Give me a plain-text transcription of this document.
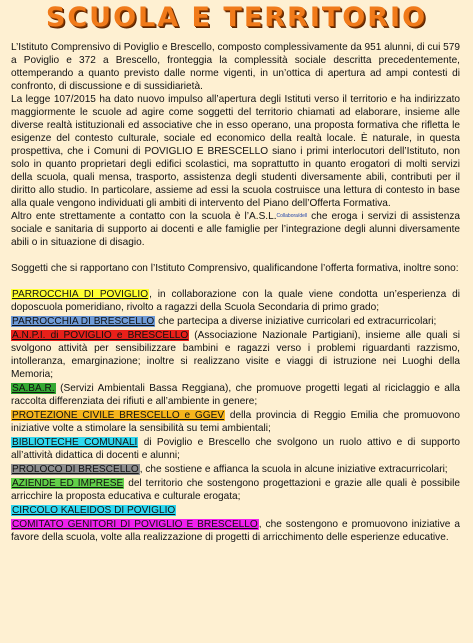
SCUOLA E TERRITORIO

L’Istituto Comprensivo di Poviglio e Brescello, composto complessivamente da 951 alunni, di cui 579 a Poviglio e 372 a Brescello, fronteggia la complessità sociale descritta precedentemente, ottemperando a quanto previsto dalle norme vigenti, in un’ottica di apertura ad ampi contesti di confronto, di discussione e di sussidiarietà.

La legge 107/2015 ha dato nuovo impulso all’apertura degli Istituti verso il territorio e ha indirizzato maggiormente le scuole ad agire come soggetti del territorio chiamati ad elaborare, insieme alle diverse realtà istituzionali ed associative che in esso operano, una proposta formativa che rifletta le esigenze del contesto culturale, sociale ed economico della realtà locale. È naturale, in questa prospettiva, che i Comuni di POVIGLIO E BRESCELLO siano i primi interlocutori dell’Istituto, non solo in quanto proprietari degli edifici scolastici, ma soprattutto in quanto erogatori di molti servizi della scuola, quali mensa, trasporto, assistenza degli studenti diversamente abili, contributi per il diritto allo studio. In particolare, assieme ad essi la scuola costruisce una lettura di contesto in base alla quale vengono individuati gli ambiti di intervento del Piano dell’Offerta Formativa.

Altro ente strettamente a contatto con la scuola è l’A.S.L.Collabora/dell che eroga i servizi di assistenza sociale e sanitaria di supporto ai docenti e alle famiglie per l’integrazione degli alunni diversamente abili o in situazione di disagio.

Soggetti che si rapportano con l’Istituto Comprensivo, qualificandone l’offerta formativa, inoltre sono:

PARROCCHIA DI POVIGLIO, in collaborazione con la quale viene condotta un’esperienza di doposcuola pomeridiano, rivolto a ragazzi della Scuola Secondaria di primo grado;

PARROCCHIA DI BRESCELLO che partecipa a diverse iniziative curricolari ed extracurricolari;

A.N.P.I. di POVIGLIO e BRESCELLO (Associazione Nazionale Partigiani), insieme alle quali si svolgono attività per sensibilizzare bambini e ragazzi verso i problemi riguardanti razzismo, intolleranza, emarginazione; inoltre si realizzano visite e viaggi di istruzione nei Luoghi della Memoria;

SA.BA.R. (Servizi Ambientali Bassa Reggiana), che promuove progetti legati al riciclaggio e alla raccolta differenziata dei rifiuti e all’ambiente in genere;

PROTEZIONE CIVILE BRESCELLO e GGEV della provincia di Reggio Emilia che promuovono iniziative volte a stimolare la sensibilità su temi ambientali;

BIBLIOTECHE COMUNALI di Poviglio e Brescello che svolgono un ruolo attivo e di supporto all’attività didattica di docenti e alunni;

PROLOCO DI BRESCELLO, che sostiene e affianca la scuola in alcune iniziative extracurricolari;

AZIENDE ED IMPRESE del territorio che sostengono progettazioni e grazie alle quali è possibile arricchire la proposta educativa e culturale erogata;

CIRCOLO KALEIDOS DI POVIGLIO

COMITATO GENITORI DI POVIGLIO E BRESCELLO, che sostengono e promuovono iniziative a favore della scuola, volte alla realizzazione di progetti di arricchimento delle esperienze educative.
